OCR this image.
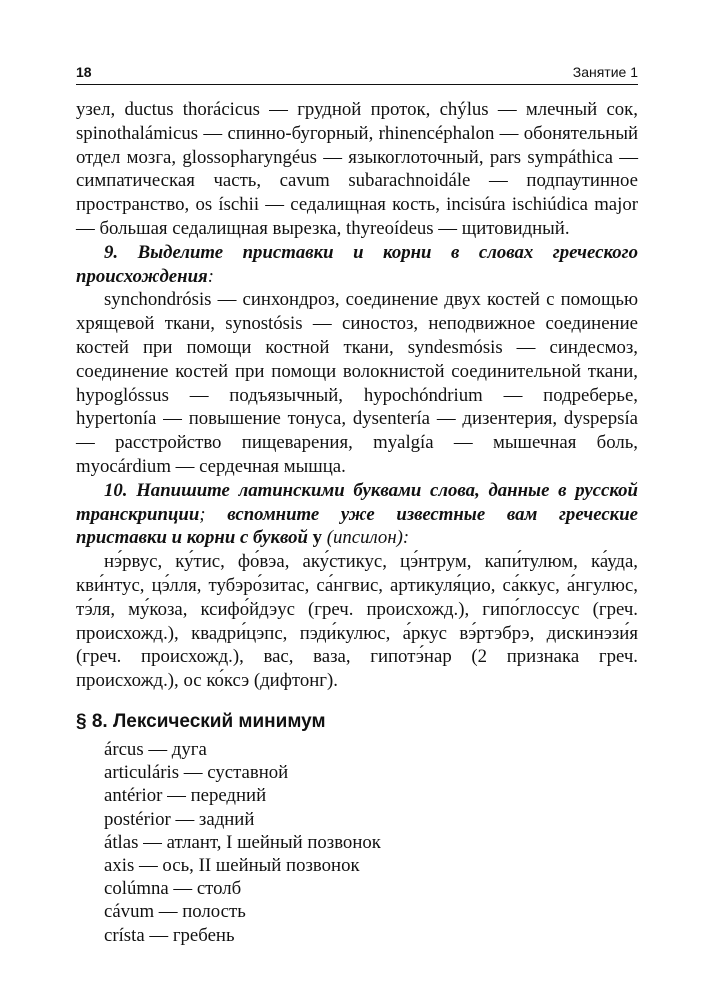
18	Занятие 1

узел, ductus thorácicus — грудной проток, chýlus — млечный сок, spinothalámicus — спинно-бугорный, rhinencéphalon — обонятельный отдел мозга, glossopharyngéus — языкоглоточный, pars sympáthica — симпатическая часть, cavum subarachnoidále — подпаутинное пространство, os íschii — седалищная кость, incisúra ischiúdica major — большая седалищная вырезка, thyreoídeus — щитовидный.

9. Выделите приставки и корни в словах греческого происхождения:

synchondrósis — синхондроз, соединение двух костей с помощью хрящевой ткани, synostósis — синостоз, неподвижное соединение костей при помощи костной ткани, syndesmósis — синдесмоз, соединение костей при помощи волокнистой соединительной ткани, hypoglóssus — подъязычный, hypochóndrium — подреберье, hypertonía — повышение тонуса, dysentería — дизентерия, dyspepsía — расстройство пищеварения, myalgía — мышечная боль, myocárdium — сердечная мышца.

10. Напишите латинскими буквами слова, данные в русской транскрипции; вспомните уже известные вам греческие приставки и корни с буквой у (ипсилон):

нэ́рвус, ку́тис, фо́вэа, аку́стикус, цэ́нтрум, капи́тулюм, ка́уда, кви́нтус, цэ́лля, тубэро́зитас, са́нгвис, артикуля́цио, са́ккус, а́нгулюс, тэ́ля, му́коза, ксифо́йдэус (греч. происхожд.), гипо́глоссус (греч. происхожд.), квадри́цэпс, пэди́кулюс, а́ркус вэ́ртэбрэ, дискинэзи́я (греч. происхожд.), вас, ваза, гипотэ́нар (2 признака греч. происхожд.), ос ко́ксэ (дифтонг).

§ 8. Лексический минимум
árcus — дуга
articuláris — суставной
antérior — передний
postérior — задний
átlas — атлант, I шейный позвонок
axis — ось, II шейный позвонок
colúmna — столб
cávum — полость
crísta — гребень
